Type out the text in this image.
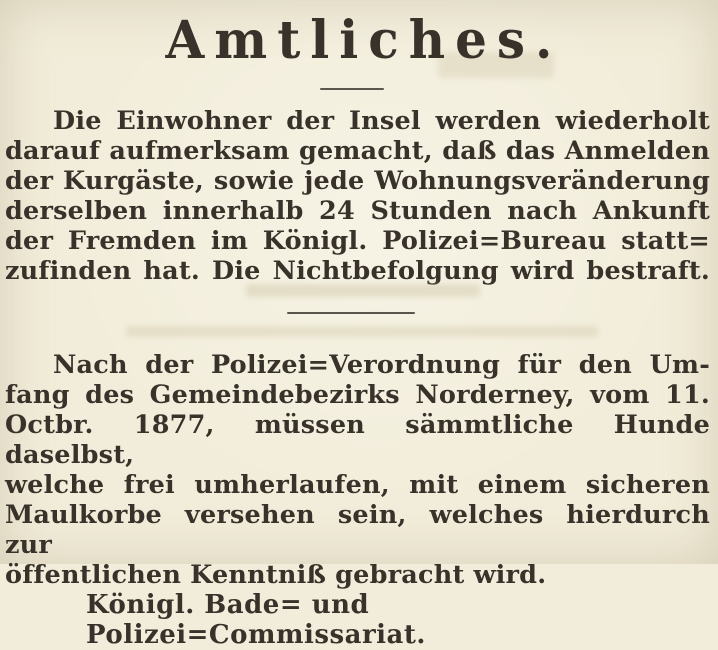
Amtliches.
Die Einwohner der Insel werden wiederholt
darauf aufmerksam gemacht, daß das Anmelden
der Kurgäste, sowie jede Wohnungsveränderung
derselben innerhalb 24 Stunden nach Ankunft
der Fremden im Königl. Polizei=Bureau statt=
zufinden hat. Die Nichtbefolgung wird bestraft.
Nach der Polizei=Verordnung für den Um-
fang des Gemeindebezirks Norderney, vom 11.
Octbr. 1877, müssen sämmtliche Hunde daselbst,
welche frei umherlaufen, mit einem sicheren
Maulkorbe versehen sein, welches hierdurch zur
öffentlichen Kenntniß gebracht wird.
Königl. Bade= und Polizei=Commissariat.
